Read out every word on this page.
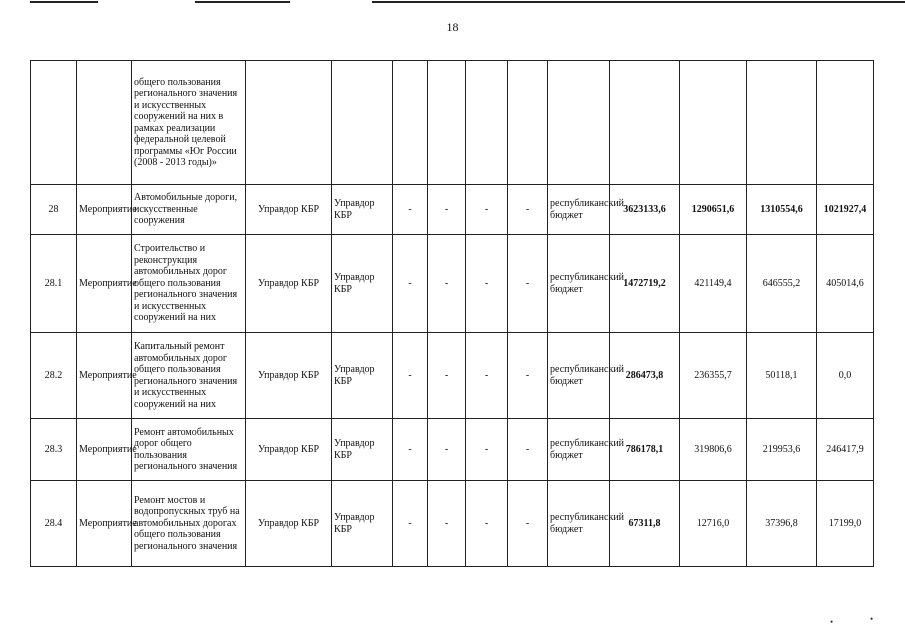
18
		общего пользования регионального значения и искусственных сооружений на них в рамках реализации федеральной целевой программы «Юг России (2008 - 2013 годы)»											
28	Мероприятие	Автомобильные дороги, искусственные сооружения	Управдор КБР	Управдор КБР	-	-	-	-	республиканский бюджет	3623133,6	1290651,6	1310554,6	1021927,4
28.1	Мероприятие	Строительство и реконструкция автомобильных дорог общего пользования регионального значения и искусственных сооружений на них	Управдор КБР	Управдор КБР	-	-	-	-	республиканский бюджет	1472719,2	421149,4	646555,2	405014,6
28.2	Мероприятие	Капитальный ремонт автомобильных дорог общего пользования регионального значения и искусственных сооружений на них	Управдор КБР	Управдор КБР	-	-	-	-	республиканский бюджет	286473,8	236355,7	50118,1	0,0
28.3	Мероприятие	Ремонт автомобильных дорог общего пользования регионального значения	Управдор КБР	Управдор КБР	-	-	-	-	республиканский бюджет	786178,1	319806,6	219953,6	246417,9
28.4	Мероприятие	Ремонт мостов и водопропускных труб на автомобильных дорогах общего пользования регионального значения	Управдор КБР	Управдор КБР	-	-	-	-	республиканский бюджет	67311,8	12716,0	37396,8	17199,0
•	•
